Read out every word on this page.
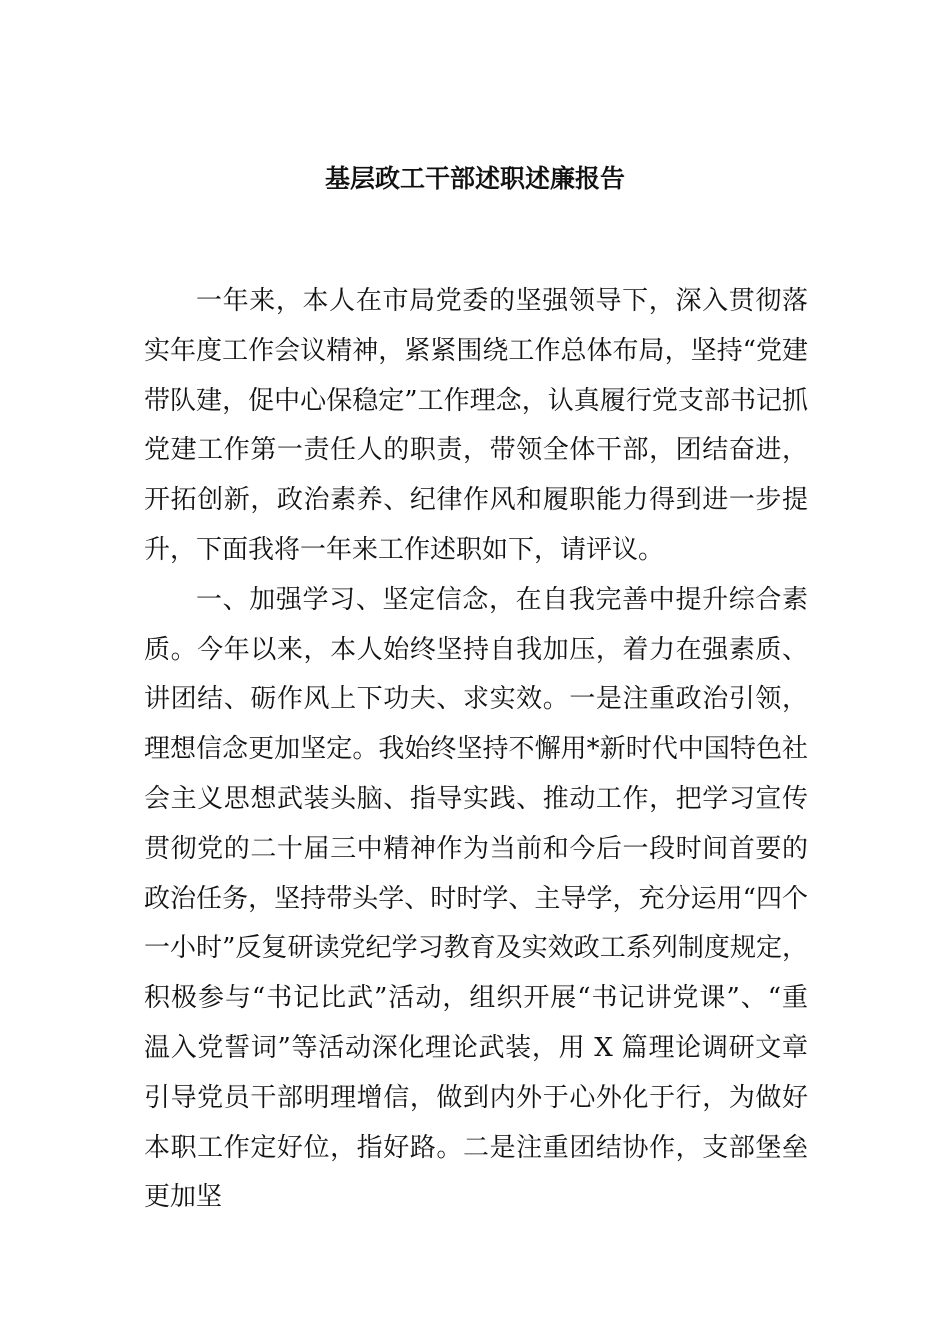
基层政工干部述职述廉报告

一年来，本人在市局党委的坚强领导下，深入贯彻落实年度工作会议精神，紧紧围绕工作总体布局，坚持“党建带队建，促中心保稳定”工作理念，认真履行党支部书记抓党建工作第一责任人的职责，带领全体干部，团结奋进，开拓创新，政治素养、纪律作风和履职能力得到进一步提升，下面我将一年来工作述职如下，请评议。

一、加强学习、坚定信念，在自我完善中提升综合素质。今年以来，本人始终坚持自我加压，着力在强素质、讲团结、砺作风上下功夫、求实效。一是注重政治引领，理想信念更加坚定。我始终坚持不懈用*新时代中国特色社会主义思想武装头脑、指导实践、推动工作，把学习宣传贯彻党的二十届三中精神作为当前和今后一段时间首要的政治任务，坚持带头学、时时学、主导学，充分运用“四个一小时”反复研读党纪学习教育及实效政工系列制度规定，积极参与“书记比武”活动，组织开展“书记讲党课”、“重温入党誓词”等活动深化理论武装，用 X 篇理论调研文章引导党员干部明理增信，做到内外于心外化于行，为做好本职工作定好位，指好路。二是注重团结协作，支部堡垒更加坚
